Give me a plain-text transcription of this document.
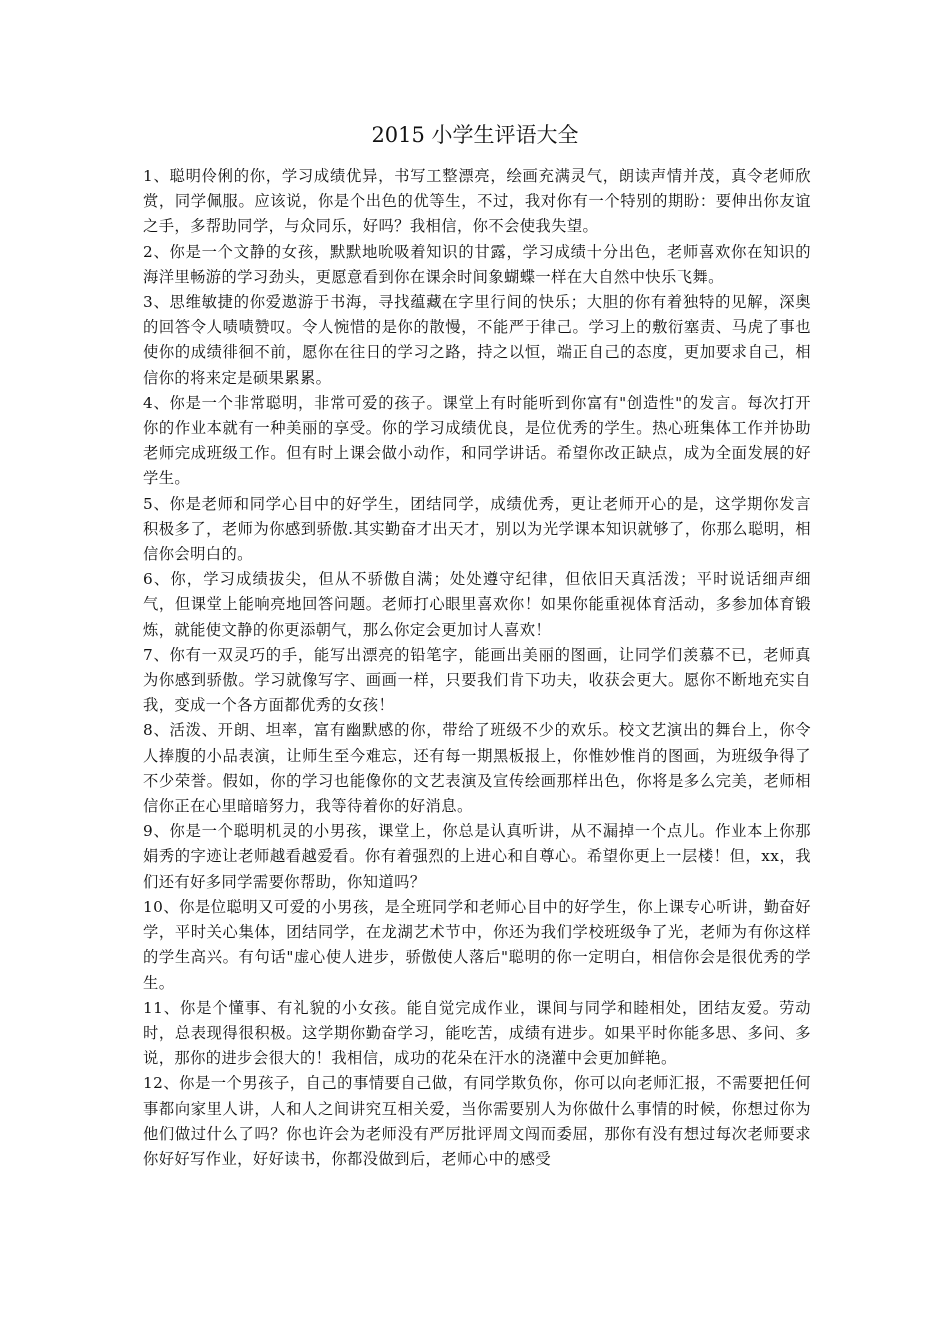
2015 小学生评语大全

1、聪明伶俐的你，学习成绩优异，书写工整漂亮，绘画充满灵气，朗读声情并茂，真令老师欣赏，同学佩服。应该说，你是个出色的优等生，不过，我对你有一个特别的期盼：要伸出你友谊之手，多帮助同学，与众同乐，好吗？我相信，你不会使我失望。

2、你是一个文静的女孩，默默地吮吸着知识的甘露，学习成绩十分出色，老师喜欢你在知识的海洋里畅游的学习劲头，更愿意看到你在课余时间象蝴蝶一样在大自然中快乐飞舞。

3、思维敏捷的你爱遨游于书海，寻找蕴藏在字里行间的快乐；大胆的你有着独特的见解，深奥的回答令人啧啧赞叹。令人惋惜的是你的散慢，不能严于律己。学习上的敷衍塞责、马虎了事也使你的成绩徘徊不前，愿你在往日的学习之路，持之以恒，端正自己的态度，更加要求自己，相信你的将来定是硕果累累。

4、你是一个非常聪明，非常可爱的孩子。课堂上有时能听到你富有"创造性"的发言。每次打开你的作业本就有一种美丽的享受。你的学习成绩优良，是位优秀的学生。热心班集体工作并协助老师完成班级工作。但有时上课会做小动作，和同学讲话。希望你改正缺点，成为全面发展的好学生。

5、你是老师和同学心目中的好学生，团结同学，成绩优秀，更让老师开心的是，这学期你发言积极多了，老师为你感到骄傲.其实勤奋才出天才，别以为光学课本知识就够了，你那么聪明，相信你会明白的。

6、你，学习成绩拔尖，但从不骄傲自满；处处遵守纪律，但依旧天真活泼；平时说话细声细气，但课堂上能响亮地回答问题。老师打心眼里喜欢你！如果你能重视体育活动，多参加体育锻炼，就能使文静的你更添朝气，那么你定会更加讨人喜欢！

7、你有一双灵巧的手，能写出漂亮的铅笔字，能画出美丽的图画，让同学们羡慕不已，老师真为你感到骄傲。学习就像写字、画画一样，只要我们肯下功夫，收获会更大。愿你不断地充实自我，变成一个各方面都优秀的女孩！

8、活泼、开朗、坦率，富有幽默感的你，带给了班级不少的欢乐。校文艺演出的舞台上，你令人捧腹的小品表演，让师生至今难忘，还有每一期黑板报上，你惟妙惟肖的图画，为班级争得了不少荣誉。假如，你的学习也能像你的文艺表演及宣传绘画那样出色，你将是多么完美，老师相信你正在心里暗暗努力，我等待着你的好消息。

9、你是一个聪明机灵的小男孩，课堂上，你总是认真听讲，从不漏掉一个点儿。作业本上你那娟秀的字迹让老师越看越爱看。你有着强烈的上进心和自尊心。希望你更上一层楼！但，xx，我们还有好多同学需要你帮助，你知道吗？

10、你是位聪明又可爱的小男孩，是全班同学和老师心目中的好学生，你上课专心听讲，勤奋好学，平时关心集体，团结同学，在龙湖艺术节中，你还为我们学校班级争了光，老师为有你这样的学生高兴。有句话"虚心使人进步，骄傲使人落后"聪明的你一定明白，相信你会是很优秀的学生。

11、你是个懂事、有礼貌的小女孩。能自觉完成作业，课间与同学和睦相处，团结友爱。劳动时，总表现得很积极。这学期你勤奋学习，能吃苦，成绩有进步。如果平时你能多思、多问、多说，那你的进步会很大的！我相信，成功的花朵在汗水的浇灌中会更加鲜艳。

12、你是一个男孩子，自己的事情要自己做，有同学欺负你，你可以向老师汇报，不需要把任何事都向家里人讲，人和人之间讲究互相关爱，当你需要别人为你做什么事情的时候，你想过你为他们做过什么了吗？你也许会为老师没有严厉批评周文闯而委屈，那你有没有想过每次老师要求你好好写作业，好好读书，你都没做到后，老师心中的感受
